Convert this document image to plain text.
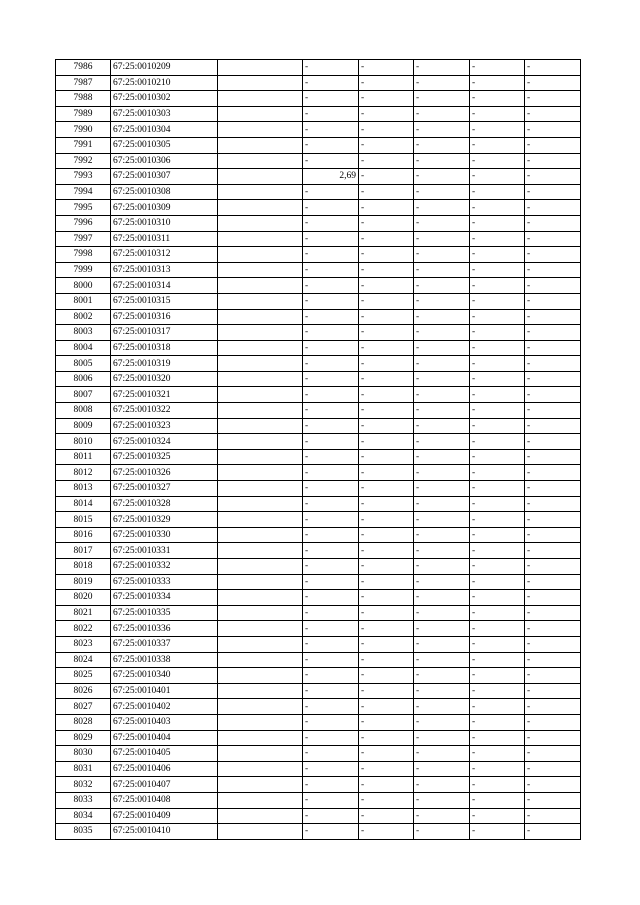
7986	67:25:0010209		-	-	-	-	-
7987	67:25:0010210		-	-	-	-	-
7988	67:25:0010302		-	-	-	-	-
7989	67:25:0010303		-	-	-	-	-
7990	67:25:0010304		-	-	-	-	-
7991	67:25:0010305		-	-	-	-	-
7992	67:25:0010306		-	-	-	-	-
7993	67:25:0010307		2,69	-	-	-	-
7994	67:25:0010308		-	-	-	-	-
7995	67:25:0010309		-	-	-	-	-
7996	67:25:0010310		-	-	-	-	-
7997	67:25:0010311		-	-	-	-	-
7998	67:25:0010312		-	-	-	-	-
7999	67:25:0010313		-	-	-	-	-
8000	67:25:0010314		-	-	-	-	-
8001	67:25:0010315		-	-	-	-	-
8002	67:25:0010316		-	-	-	-	-
8003	67:25:0010317		-	-	-	-	-
8004	67:25:0010318		-	-	-	-	-
8005	67:25:0010319		-	-	-	-	-
8006	67:25:0010320		-	-	-	-	-
8007	67:25:0010321		-	-	-	-	-
8008	67:25:0010322		-	-	-	-	-
8009	67:25:0010323		-	-	-	-	-
8010	67:25:0010324		-	-	-	-	-
8011	67:25:0010325		-	-	-	-	-
8012	67:25:0010326		-	-	-	-	-
8013	67:25:0010327		-	-	-	-	-
8014	67:25:0010328		-	-	-	-	-
8015	67:25:0010329		-	-	-	-	-
8016	67:25:0010330		-	-	-	-	-
8017	67:25:0010331		-	-	-	-	-
8018	67:25:0010332		-	-	-	-	-
8019	67:25:0010333		-	-	-	-	-
8020	67:25:0010334		-	-	-	-	-
8021	67:25:0010335		-	-	-	-	-
8022	67:25:0010336		-	-	-	-	-
8023	67:25:0010337		-	-	-	-	-
8024	67:25:0010338		-	-	-	-	-
8025	67:25:0010340		-	-	-	-	-
8026	67:25:0010401		-	-	-	-	-
8027	67:25:0010402		-	-	-	-	-
8028	67:25:0010403		-	-	-	-	-
8029	67:25:0010404		-	-	-	-	-
8030	67:25:0010405		-	-	-	-	-
8031	67:25:0010406		-	-	-	-	-
8032	67:25:0010407		-	-	-	-	-
8033	67:25:0010408		-	-	-	-	-
8034	67:25:0010409		-	-	-	-	-
8035	67:25:0010410		-	-	-	-	-
